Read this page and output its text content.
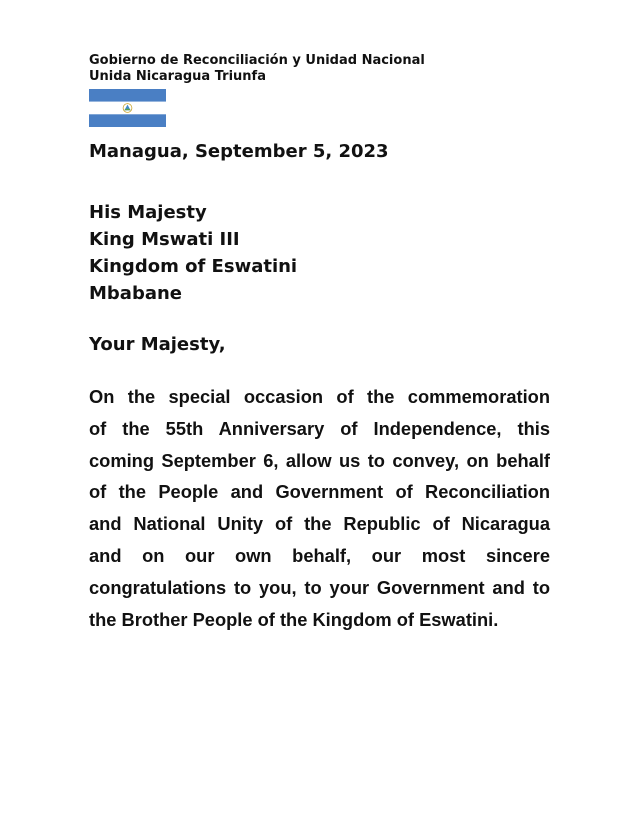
Gobierno de Reconciliación y Unidad Nacional
Unida Nicaragua Triunfa
Managua, September 5, 2023
His Majesty
King Mswati III
Kingdom of Eswatini
Mbabane
Your Majesty,
On the special occasion of the commemoration
of the 55th Anniversary of Independence, this
coming September 6, allow us to convey, on behalf
of the People and Government of Reconciliation
and National Unity of the Republic of Nicaragua
and on our own behalf, our most sincere
congratulations to you, to your Government and to
the Brother People of the Kingdom of Eswatini.
